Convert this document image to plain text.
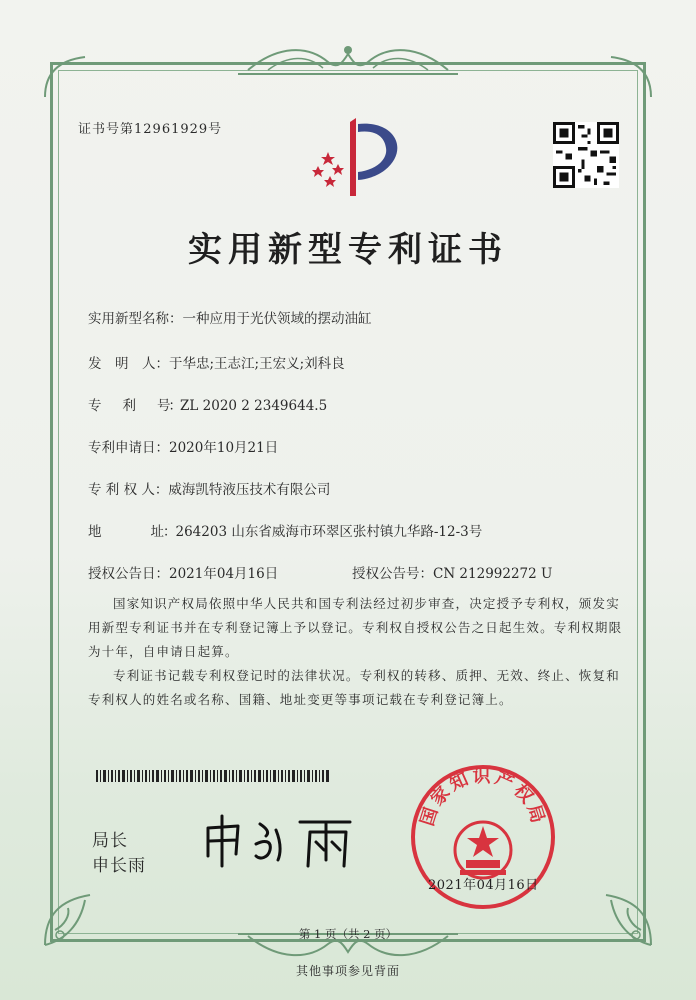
证书号第12961929号
实用新型专利证书
实用新型名称：一种应用于光伏领域的摆动油缸
发　明　人：于华忠;王志江;王宏义;刘科良
专　　利　　号：ZL 2020 2 2349644.5
专利申请日：2020年10月21日
专 利 权 人：威海凯特液压技术有限公司
地　　　　址：264203 山东省威海市环翠区张村镇九华路-12-3号
授权公告日：2021年04月16日	授权公告号：CN 212992272 U
国家知识产权局依照中华人民共和国专利法经过初步审查，决定授予专利权，颁发实用新型专利证书并在专利登记簿上予以登记。专利权自授权公告之日起生效。专利权期限为十年，自申请日起算。
专利证书记载专利权登记时的法律状况。专利权的转移、质押、无效、终止、恢复和专利权人的姓名或名称、国籍、地址变更等事项记载在专利登记簿上。
局长
申长雨
国家知识产权局
2021年04月16日
第 1 页（共 2 页）
其他事项参见背面
